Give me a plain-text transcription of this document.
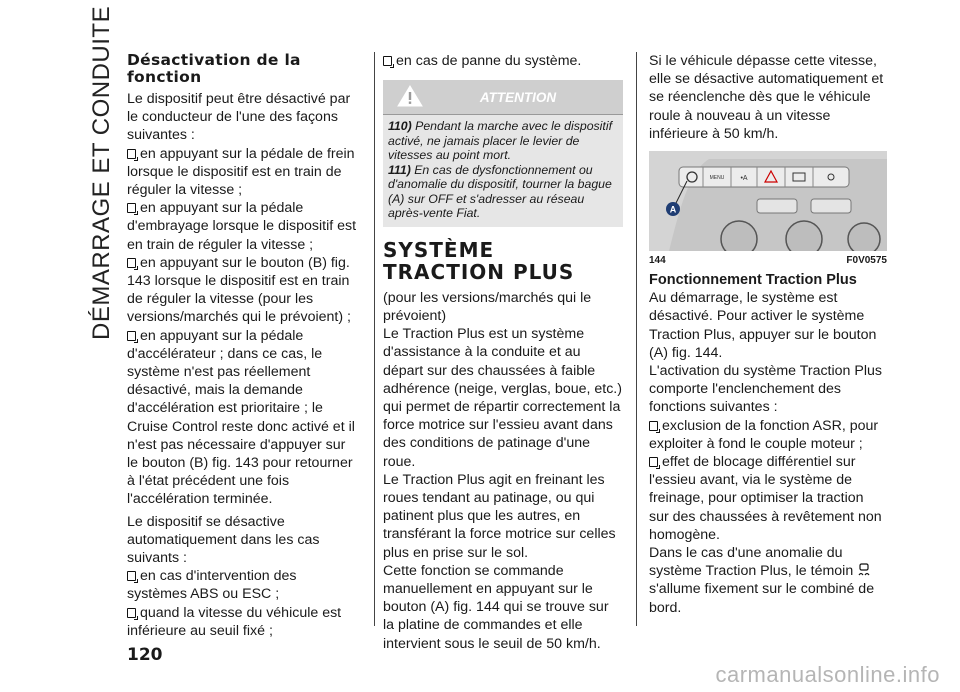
DÉMARRAGE ET CONDUITE Désactivation de la fonction

Le dispositif peut être désactivé par le conducteur de l'une des façons suivantes :

en appuyant sur la pédale de frein lorsque le dispositif est en train de réguler la vitesse ;

en appuyant sur la pédale d'embrayage lorsque le dispositif est en train de réguler la vitesse ;

en appuyant sur le bouton (B) fig. 143 lorsque le dispositif est en train de réguler la vitesse (pour les versions/marchés qui le prévoient) ;

en appuyant sur la pédale d'accélérateur ; dans ce cas, le système n'est pas réellement désactivé, mais la demande d'accélération est prioritaire ; le Cruise Control reste donc activé et il n'est pas nécessaire d'appuyer sur le bouton (B) fig. 143 pour retourner à l'état précédent une fois l'accélération terminée.

Le dispositif se désactive automatiquement dans les cas suivants :

en cas d'intervention des systèmes ABS ou ESC ;

quand la vitesse du véhicule est inférieure au seuil fixé ;

en cas de panne du système.

ATTENTION

110) Pendant la marche avec le dispositif activé, ne jamais placer le levier de vitesses au point mort.

111) En cas de dysfonctionnement ou d'anomalie du dispositif, tourner la bague (A) sur OFF et s'adresser au réseau après-vente Fiat.

SYSTÈME TRACTION PLUS

(pour les versions/marchés qui le prévoient)

Le Traction Plus est un système d'assistance à la conduite et au départ sur des chaussées à faible adhérence (neige, verglas, boue, etc.) qui permet de répartir correctement la force motrice sur l'essieu avant dans des conditions de patinage d'une roue.

Le Traction Plus agit en freinant les roues tendant au patinage, ou qui patinent plus que les autres, en transférant la force motrice sur celles plus en prise sur le sol.

Cette fonction se commande manuellement en appuyant sur le bouton (A) fig. 144 qui se trouve sur la platine de commandes et elle intervient sous le seuil de 50 km/h.

Si le véhicule dépasse cette vitesse, elle se désactive automatiquement et se réenclenche dès que le véhicule roule à nouveau à un vitesse inférieure à 50 km/h.

MENU •A
A
144	F0V0575
Fonctionnement Traction Plus

Au démarrage, le système est désactivé. Pour activer le système Traction Plus, appuyer sur le bouton (A) fig. 144.

L'activation du système Traction Plus comporte l'enclenchement des fonctions suivantes :

exclusion de la fonction ASR, pour exploiter à fond le couple moteur ;

effet de blocage différentiel sur l'essieu avant, via le système de freinage, pour optimiser la traction sur des chaussées à revêtement non homogène.

Dans le cas d'une anomalie du système Traction Plus, le témoin  s'allume fixement sur le combiné de bord.

120
carmanualsonline.info
